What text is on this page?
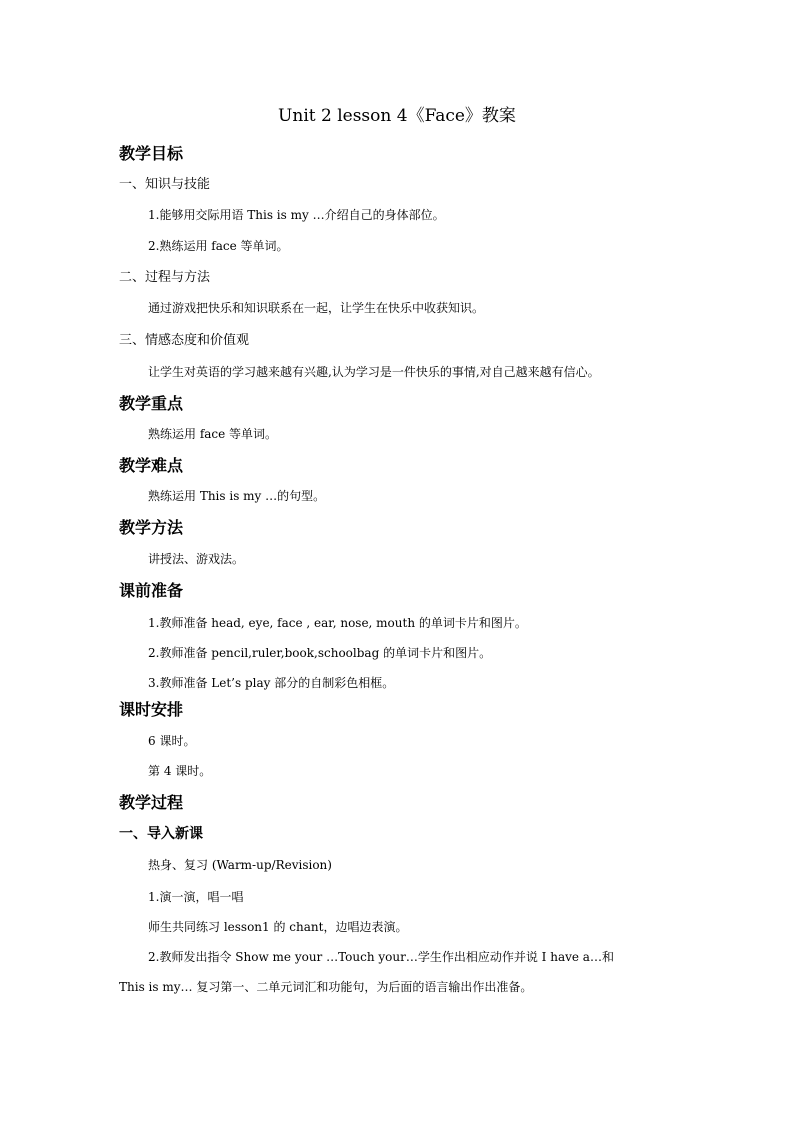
Unit 2 lesson 4《Face》教案
教学目标
一、知识与技能
1.能够用交际用语 This is my …介绍自己的身体部位。
2.熟练运用 face 等单词。
二、过程与方法
通过游戏把快乐和知识联系在一起，让学生在快乐中收获知识。
三、情感态度和价值观
让学生对英语的学习越来越有兴趣,认为学习是一件快乐的事情,对自己越来越有信心。
教学重点
熟练运用 face 等单词。
教学难点
熟练运用 This is my …的句型。
教学方法
讲授法、游戏法。
课前准备
1.教师准备 head, eye, face , ear, nose, mouth 的单词卡片和图片。
2.教师准备 pencil,ruler,book,schoolbag 的单词卡片和图片。
3.教师准备 Let’s play 部分的自制彩色相框。
课时安排
6 课时。
第 4 课时。
教学过程
一、导入新课
热身、复习 (Warm-up/Revision)
1.演一演，唱一唱
师生共同练习 lesson1 的 chant，边唱边表演。
2.教师发出指令 Show me your …Touch your…学生作出相应动作并说 I have a…和
This is my… 复习第一、二单元词汇和功能句，为后面的语言输出作出准备。
